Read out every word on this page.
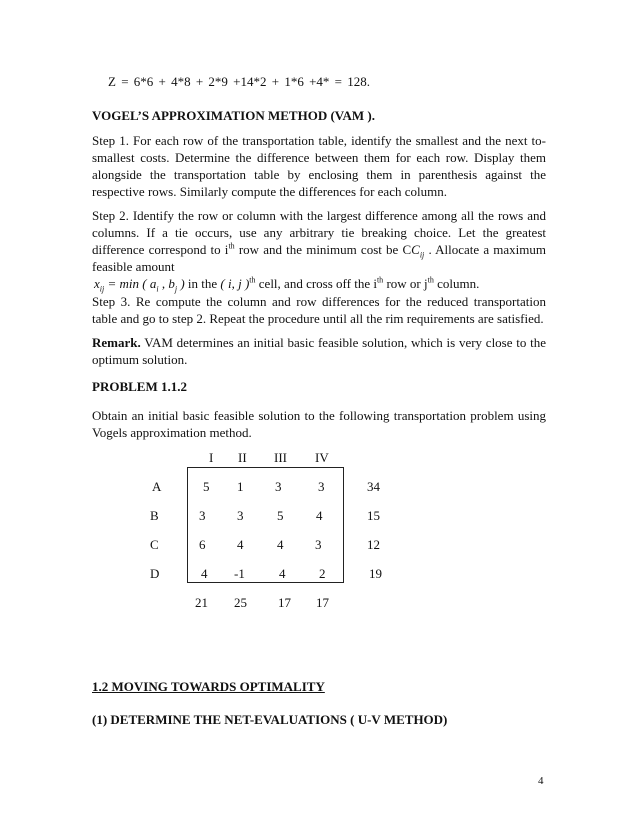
Z = 6*6 + 4*8 + 2*9 +14*2 + 1*6 +4* = 128.
VOGEL’S APPROXIMATION METHOD (VAM ).
Step 1. For each row of the transportation table, identify the smallest and the next to-smallest costs. Determine the difference between them for each row. Display them alongside the transportation table by enclosing them in parenthesis against the respective rows. Similarly compute the differences for each column.
Step 2. Identify the row or column with the largest difference among all the rows and columns. If a tie occurs, use any arbitrary tie breaking choice. Let the greatest difference correspond to $i^{th}$ row and the minimum cost be $CC_{ij}$ . Allocate a maximum feasible amount
$x_{ij} = \min$ ( $a_i$ , $b_j$ ) in the ( i, j )$^{th}$ cell, and cross off the $i^{th}$ row or $j^{th}$ column.
Step 3. Re compute the column and row differences for the reduced transportation table and go to step 2. Repeat the procedure until all the rim requirements are satisfied.
Remark. VAM determines an initial basic feasible solution, which is very close to the optimum solution.
PROBLEM 1.1.2
Obtain an initial basic feasible solution to the following transportation problem using Vogels approximation method.
I II III IV
A	5 1 3	3	34
B	3 3	5	4	15
C	6 4	4 3	12
D	4 -1	4	2	19
21 25 17 17
1.2 MOVING TOWARDS OPTIMALITY
(1) DETERMINE THE NET-EVALUATIONS ( U-V METHOD)
4
